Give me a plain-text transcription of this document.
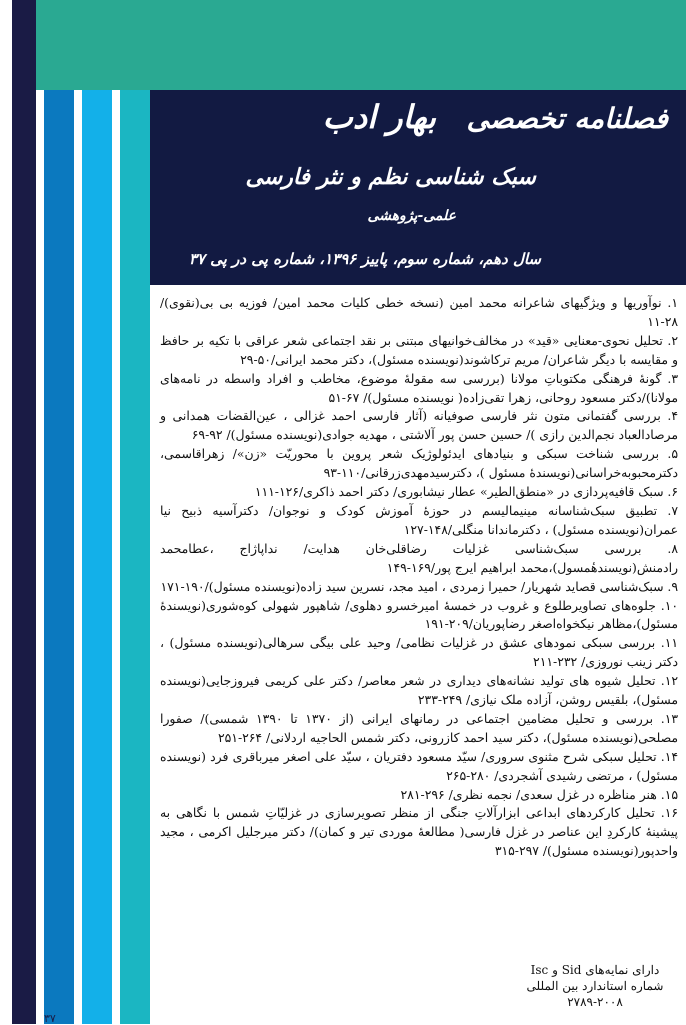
فصلنامه تخصصی
بهار ادب
سبک شناسی نظم و نثر فارسی
علمی-پژوهشی
سال دهم، شماره سوم، پاییز ۱۳۹۶، شماره پی در پی ۳۷

۱. نوآوریها و ویژگیهای شاعرانه محمد امین (نسخه خطی کلیات محمد امین/ فوزیه بی بی(نقوی)/۲۸-۱۱

۲. تحلیل نحوی-معنایی «قید» در مخالف‌خوانیهای مبتنی بر نقد اجتماعی شعر عراقی با تکیه بر حافظ و مقایسه با دیگر شاعران/ مریم ترکاشوند(نویسنده مسئول)، دکتر محمد ایرانی/۵۰-۲۹

۳. گونهٔ فرهنگی مکتوباتِ مولانا (بررسی سه مقولهٔ موضوع، مخاطب و افراد واسطه در نامه‌های مولانا)/دکتر مسعود روحانی، زهرا تقی‌زاده( نویسنده مسئول)/ ۶۷-۵۱

۴. بررسی گفتمانی متون نثر فارسی صوفیانه (آثار فارسی احمد غزالی ، عین‌القضات همدانی و مرصادالعباد نجم‌الدین رازی )/ حسین حسن پور آلاشتی ، مهدیه جوادی(نویسنده مسئول)/ ۹۲-۶۹

۵. بررسی شناخت سبکی و بنیادهای ایدئولوژیک شعر پروین با محوریّت «زن»/ زهراقاسمی، دکترمحبوبه‌خراسانی(نویسندهٔ مسئول )، دکترسیدمهدی‌زرقانی/۱۱۰-۹۳

۶. سبک قافیه‌پردازی در «منطق‌الطیر» عطار نیشابوری/ دکتر احمد ذاکری/۱۲۶-۱۱۱

۷. تطبیق سبک‌شناسانه مینیمالیسم در حوزهٔ آموزش کودک و نوجوان/ دکترآسیه ذبیح نیا عمران(نویسنده مسئول) ، دکترماندانا منگلی/۱۴۸-۱۲۷

۸. بررسی سبک‌شناسی غزلیات رضاقلی‌خان هدایت/ نداپاژاج ،عطامحمد رادمنش(نویسندهٔمسول)،محمد ابراهیم ایرج پور/۱۶۹-۱۴۹

۹. سبک‌شناسی قصاید شهریار/ حمیرا زمردی ، امید مجد، نسرین سید زاده(نویسنده مسئول)/۱۹۰-۱۷۱

۱۰. جلوه‌های تصاویرطلوع و غروب در خمسهٔ امیرخسرو دهلوی/ شاهپور شهولی کوه‌شوری(نویسندهٔ مسئول)،مظاهر نیکخواه‌اصغر رضاپوریان/۲۰۹-۱۹۱

۱۱. بررسی سبکی نمودهای عشق در غزلیات نظامی/ وحید علی بیگی سرهالی(نویسنده مسئول) ، دکتر زینب نوروزی/ ۲۳۲-۲۱۱

۱۲. تحلیل شیوه های تولید نشانه‌های دیداری در شعر معاصر/ دکتر علی کریمی فیروزجایی(نویسنده مسئول)، بلقیس روشن، آزاده ملک نیازی/ ۲۴۹-۲۳۳

۱۳. بررسی و تحلیل مضامین اجتماعی در رمانهای ایرانی (از ۱۳۷۰ تا ۱۳۹۰ شمسی)/ صفورا مصلحی(نویسنده مسئول)، دکتر سید احمد کازرونی، دکتر شمس الحاجیه اردلانی/ ۲۶۴-۲۵۱

۱۴. تحلیل سبکی شرح مثنوی سروری/ سیّد مسعود دفتریان ، سیّد علی اصغر میرباقری فرد (نویسنده مسئول) ، مرتضی رشیدی آشجردی/ ۲۸۰-۲۶۵

۱۵. هنر مناظره در غزل سعدی/ نجمه نظری/ ۲۹۶-۲۸۱

۱۶. تحلیل کارکردهای ابداعی ابزارآلاتِ جنگی از منظر تصویرسازی در غزلیّاتِ شمس با نگاهی به پیشینهٔ کارکردِ این عناصر در غزل فارسی( مطالعهٔ موردی تیر و کمان)/ دکتر میرجلیل اکرمی ، مجید واحدپور(نویسنده مسئول)/ ۲۹۷-۳۱۵

دارای نمایه‌های Sid و Isc
شماره استاندارد بین المللی
۲۷۸۹-۲۰۰۸
۳۷
